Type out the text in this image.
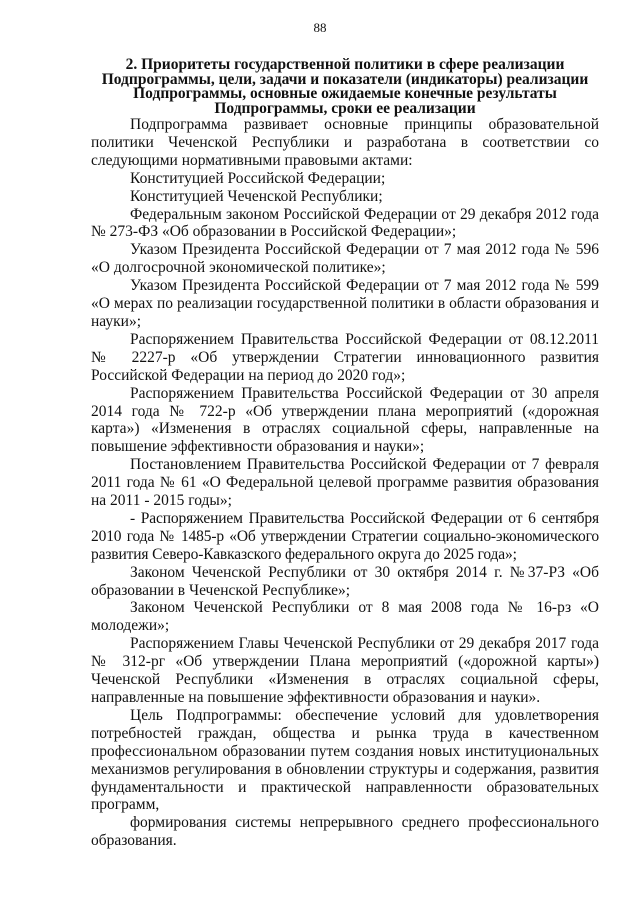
88
2. Приоритеты государственной политики в сфере реализации
Подпрограммы, цели, задачи и показатели (индикаторы) реализации
Подпрограммы, основные ожидаемые конечные результаты
Подпрограммы, сроки ее реализации

Подпрограмма развивает основные принципы образовательной политики Чеченской Республики и разработана в соответствии со следующими нормативными правовыми актами:

Конституцией Российской Федерации;

Конституцией Чеченской Республики;

Федеральным законом Российской Федерации от 29 декабря 2012 года № 273-ФЗ «Об образовании в Российской Федерации»;

Указом Президента Российской Федерации от 7 мая 2012 года № 596 «О долгосрочной экономической политике»;

Указом Президента Российской Федерации от 7 мая 2012 года № 599 «О мерах по реализации государственной политики в области образования и науки»;

Распоряжением Правительства Российской Федерации от 08.12.2011 № 2227-р «Об утверждении Стратегии инновационного развития Российской Федерации на период до 2020 год»;

Распоряжением Правительства Российской Федерации от 30 апреля 2014 года № 722-р «Об утверждении плана мероприятий («дорожная карта») «Изменения в отраслях социальной сферы, направленные на повышение эффективности образования и науки»;

Постановлением Правительства Российской Федерации от 7 февраля 2011 года № 61 «О Федеральной целевой программе развития образования на 2011 - 2015 годы»;

- Распоряжением Правительства Российской Федерации от 6 сентября 2010 года № 1485-р «Об утверждении Стратегии социально-экономического развития Северо-Кавказского федерального округа до 2025 года»;

Законом Чеченской Республики от 30 октября 2014 г. №37-РЗ «Об образовании в Чеченской Республике»;

Законом Чеченской Республики от 8 мая 2008 года № 16-рз «О молодежи»;

Распоряжением Главы Чеченской Республики от 29 декабря 2017 года № 312-рг «Об утверждении Плана мероприятий («дорожной карты») Чеченской Республики «Изменения в отраслях социальной сферы, направленные на повышение эффективности образования и науки».

Цель Подпрограммы: обеспечение условий для удовлетворения потребностей граждан, общества и рынка труда в качественном профессиональном образовании путем создания новых институциональных механизмов регулирования в обновлении структуры и содержания, развития фундаментальности и практической направленности образовательных программ,

формирования системы непрерывного среднего профессионального образования.
